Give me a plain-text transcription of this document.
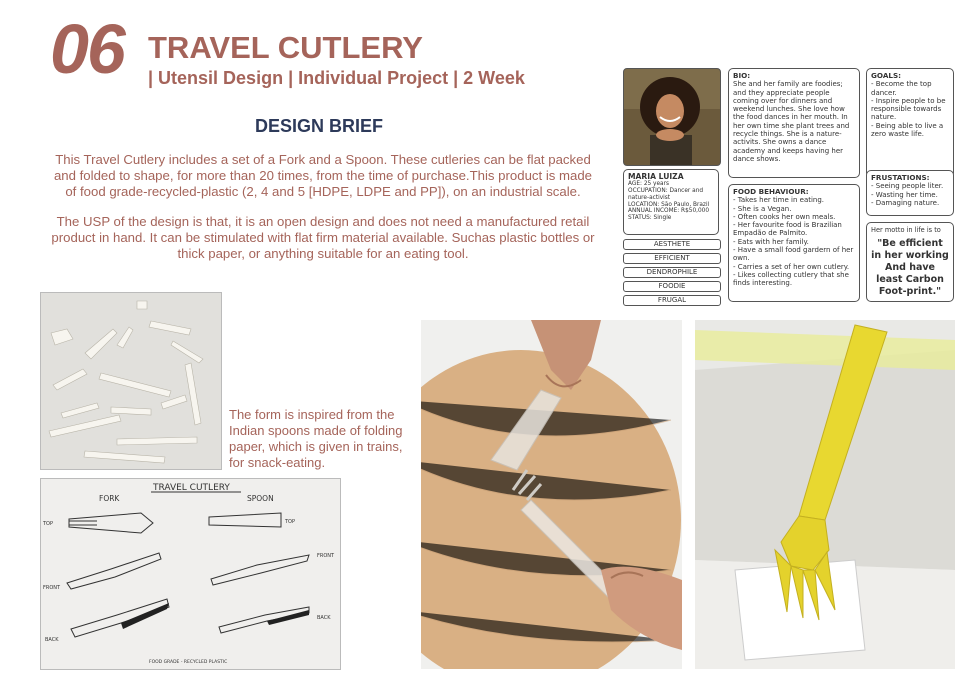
06 TRAVEL CUTLERY
| Utensil Design | Individual Project | 2 Week
DESIGN BRIEF

This Travel Cutlery includes a set of a Fork and a Spoon. These cutleries can be flat packed and folded to shape, for more than 20 times, from the time of purchase.This product is made of food grade-recycled-plastic (2, 4 and 5 [HDPE, LDPE and PP]), on an industrial scale.

The USP of the design is that, it is an open design and does not need a manufactured retail product in hand. It can be stimulated with flat firm material available. Suchas plastic bottles or thick paper, or anything suitable for an eating tool.

MARIA LUIZA
AGE: 25 years
OCCUPATION: Dancer and nature-activist
LOCATION: São Paulo, Brazil
ANNUAL INCOME: R$50,000
STATUS: Single
AESTHETE
EFFICIENT
DENDROPHILE
FOODIE
FRUGAL
BIO:
She and her family are foodies; and they appreciate people coming over for dinners and weekend lunches. She love how the food dances in her mouth. In her own time she plant trees and recycle things. She is a nature-activits. She owns a dance academy and keeps having her dance shows.
GOALS:
- Become the top dancer.
- Inspire people to be responsible towards nature.
- Being able to live a zero waste life.
FOOD BEHAVIOUR:
- Takes her time in eating.
- She is a Vegan.
- Often cooks her own meals.
- Her favourite food is Brazilian Empadão de Palmito.
- Eats with her family.
- Have a small food gardern of her own.
- Carries a set of her own cutlery.
- Likes collecting cutlery that she finds interesting.
FRUSTATIONS:
- Seeing people liter.
- Wasting her time.
- Damaging nature.
Her motto in life is to
"Be efficient in her working And have least Carbon Foot-print."
The form is inspired from the Indian spoons made of folding paper, which is given in trains, for snack-eating.
TRAVEL CUTLERY
FORK	SPOON
TOP	TOP
FRONT
FRONT
BACK
BACK
FOOD GRADE - RECYCLED PLASTIC
